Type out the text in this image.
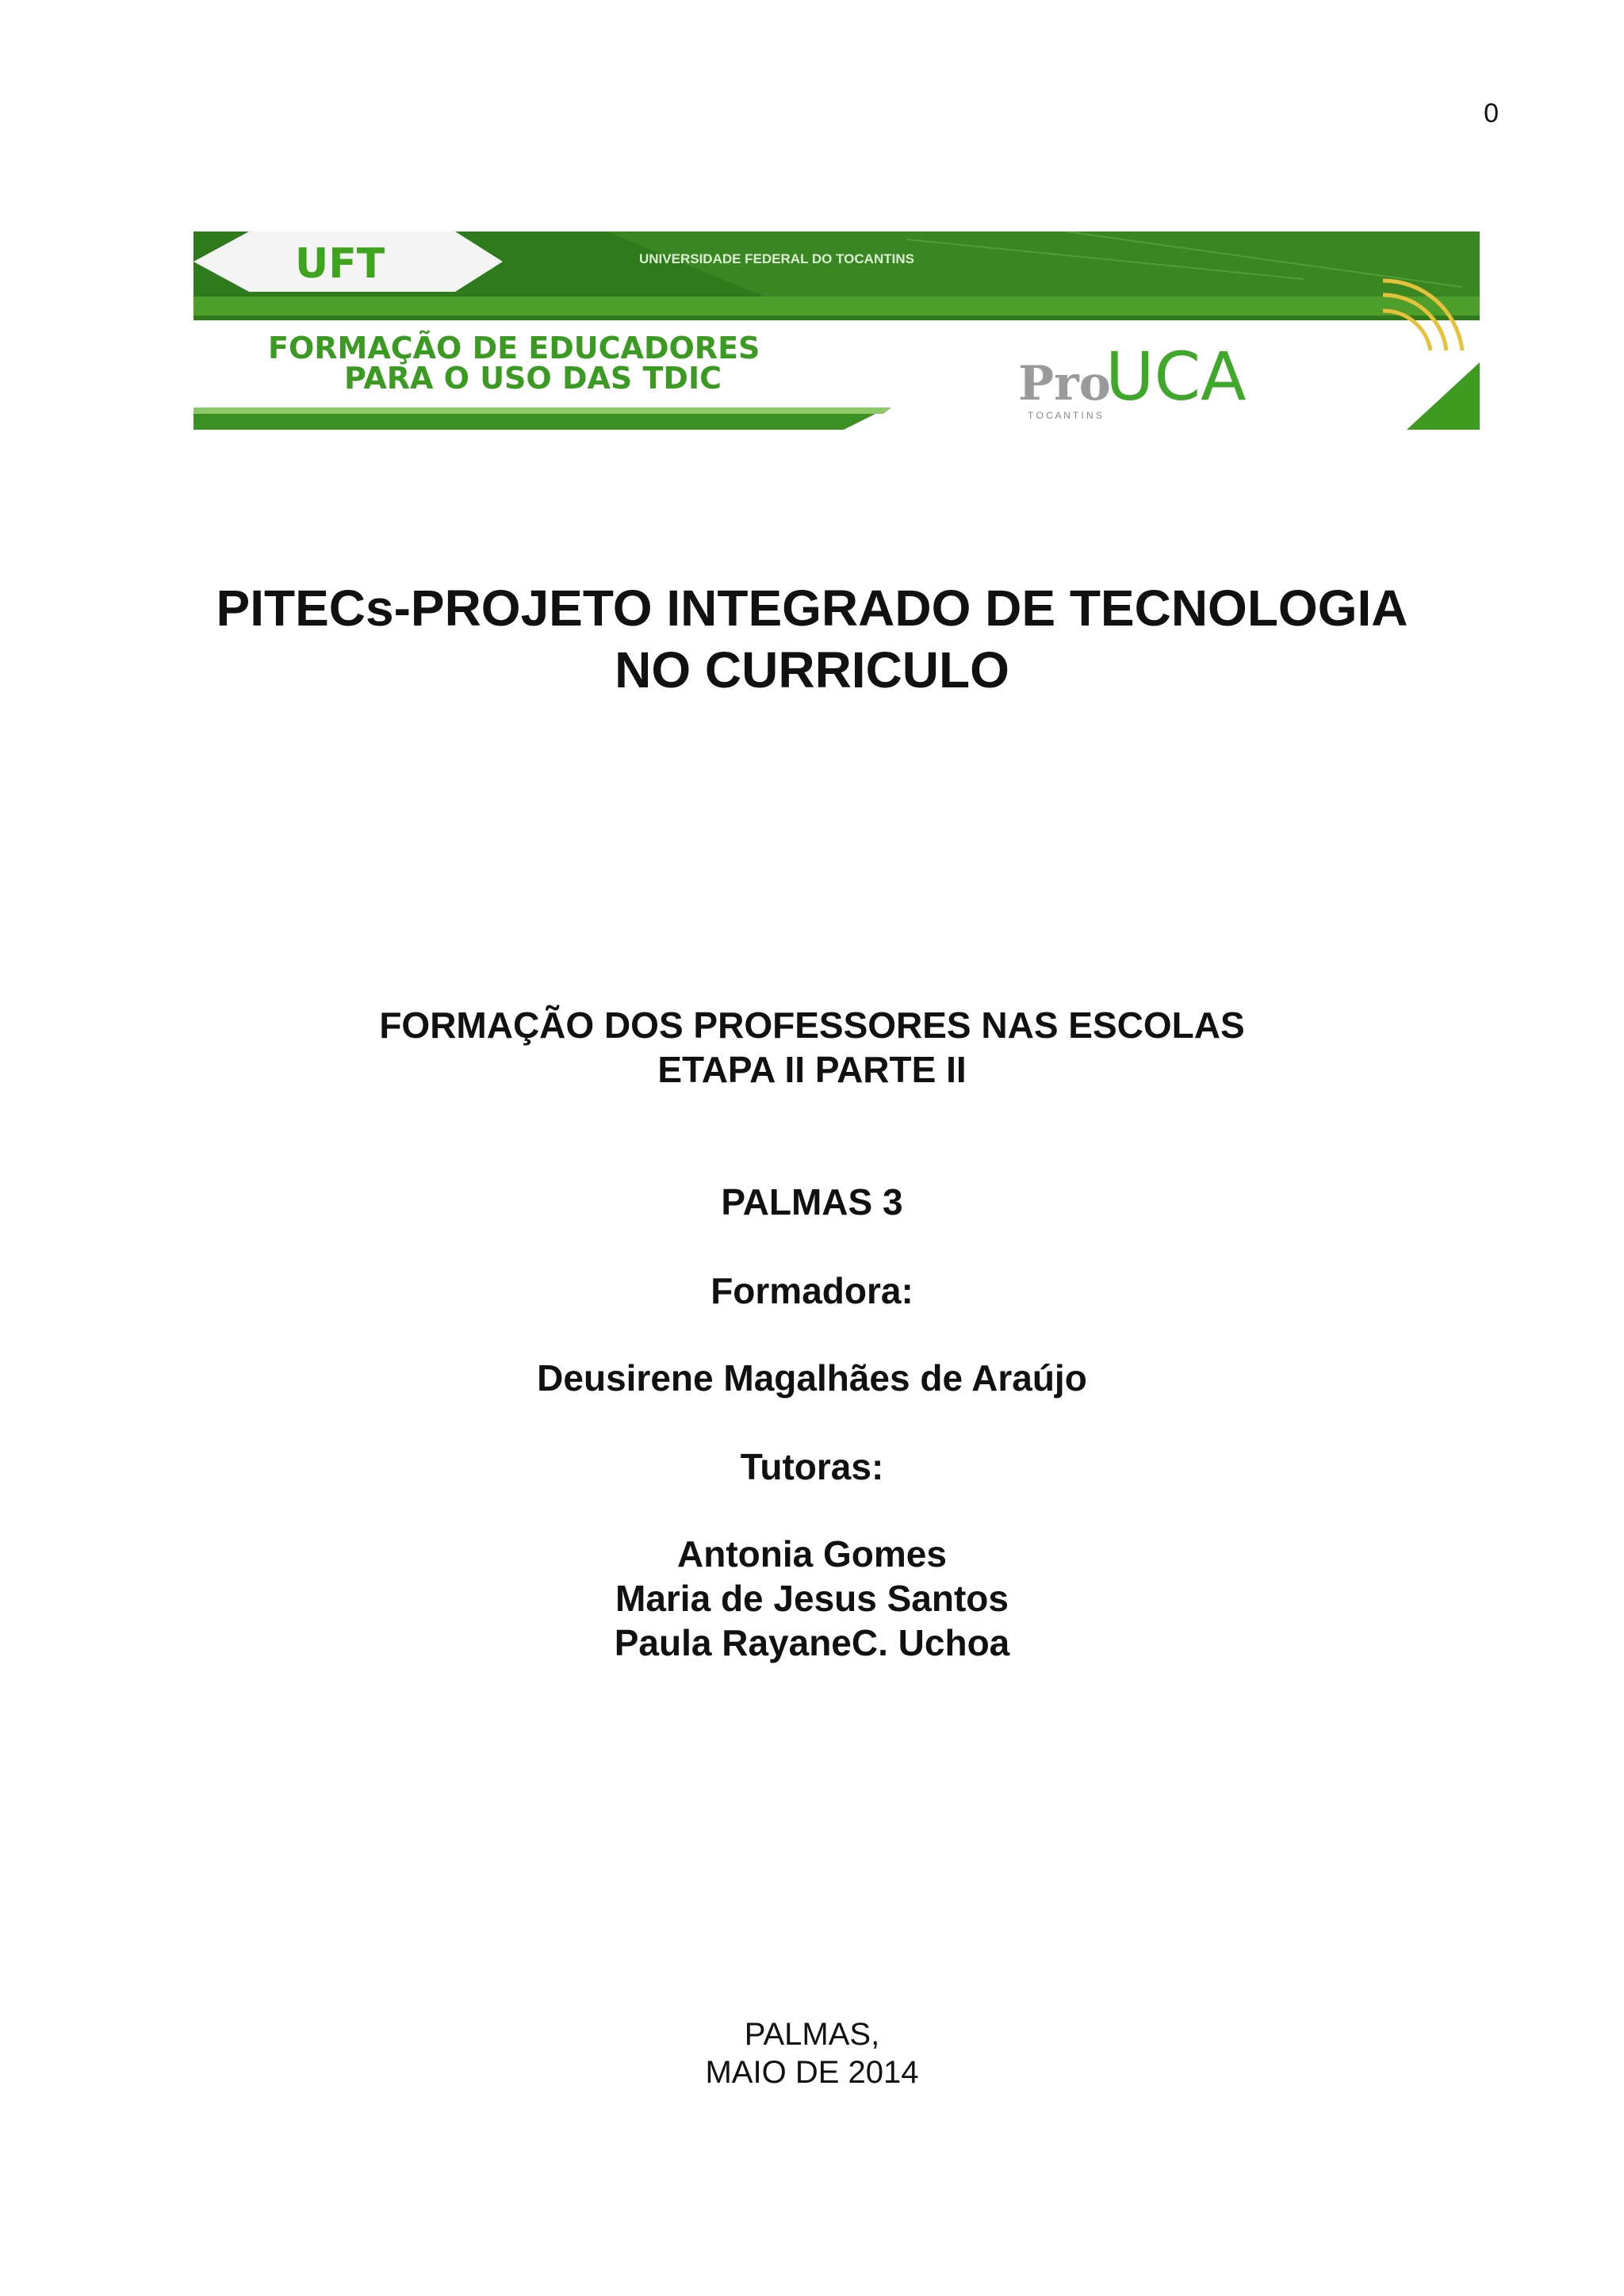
0
UFT	UNIVERSIDADE FEDERAL DO TOCANTINS
FORMAÇÃO DE EDUCADORES
PARA O USO DAS TDIC	Pro
UCA
T O C A N T I N S
PITECs-PROJETO INTEGRADO DE TECNOLOGIA
NO CURRICULO
FORMAÇÃO DOS PROFESSORES NAS ESCOLAS
ETAPA II PARTE II
PALMAS 3
Formadora:
Deusirene Magalhães de Araújo
Tutoras:
Antonia Gomes
Maria de Jesus Santos
Paula RayaneC. Uchoa
PALMAS,
MAIO DE 2014
